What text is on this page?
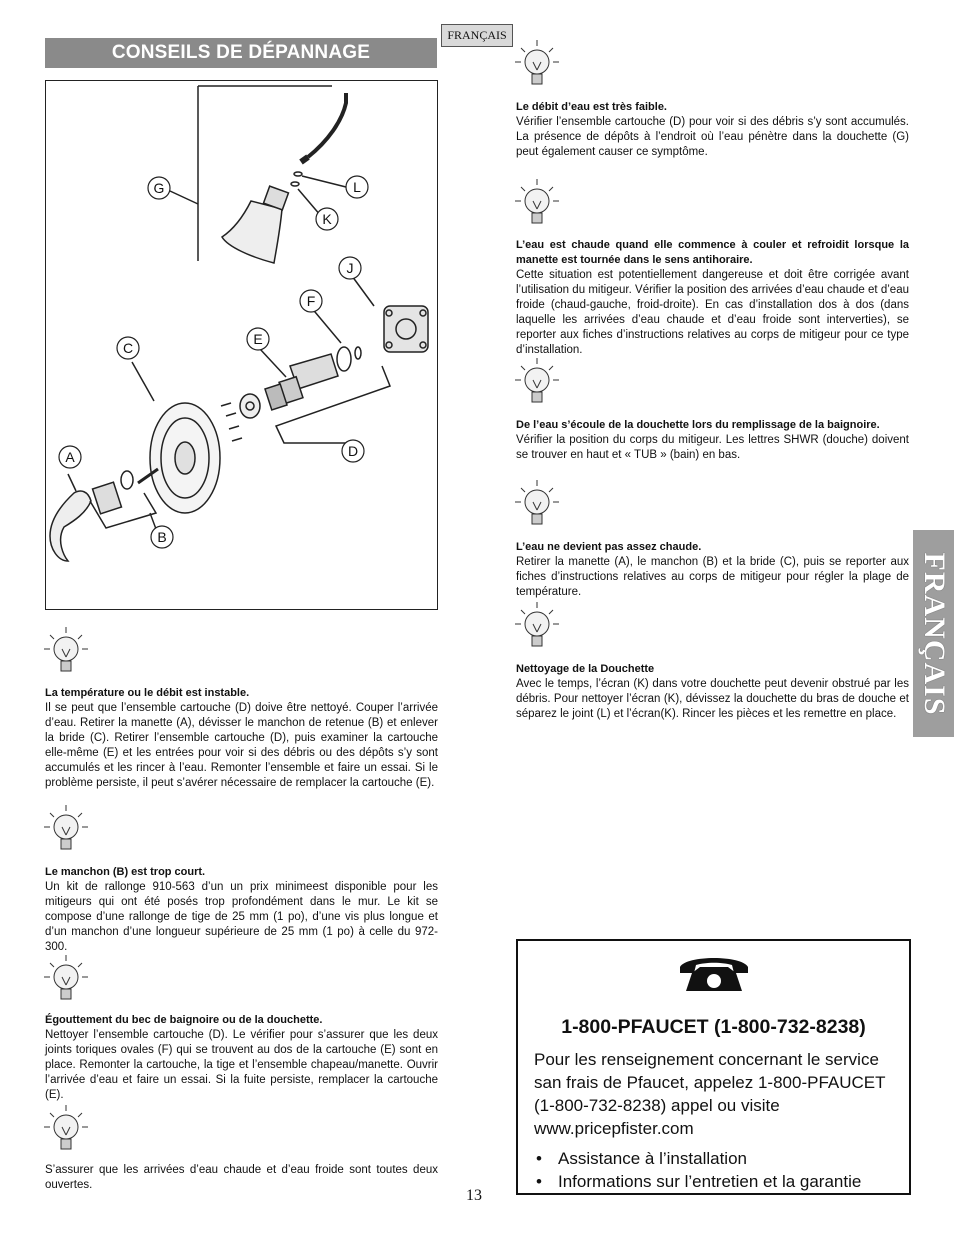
CONSEILS DE DÉPANNAGE
FRANÇAIS
FRANÇAIS
G	L
K
J
F
E
C
A	D
B
La température ou le débit est instable.
Il se peut que l’ensemble cartouche (D) doive être nettoyé. Couper l’arrivée d’eau. Retirer la manette (A), dévisser le manchon de retenue (B) et enlever la bride (C). Retirer l’ensemble cartouche (D), puis examiner la cartouche elle-même (E) et les entrées pour voir si des débris ou des dépôts s’y sont accumulés et les rincer à l’eau. Remonter l’ensemble et faire un essai. Si le problème persiste, il peut s’avérer nécessaire de remplacer la cartouche (E).
Le manchon (B) est trop court.
Un kit de rallonge 910-563 d’un un prix minimeest disponible pour les mitigeurs qui ont été posés trop profondément dans le mur. Le kit se compose d’une rallonge de tige de 25 mm (1 po), d’une vis plus longue et d’un manchon d’une longueur supérieure de 25 mm (1 po) à celle du 972-300.
Égouttement du bec de baignoire ou de la douchette.
Nettoyer l’ensemble cartouche (D). Le vérifier pour s’assurer que les deux joints toriques ovales (F) qui se trouvent au dos de la cartouche (E) sont en place. Remonter la cartouche, la tige et l’ensemble chapeau/manette. Ouvrir l’arrivée d’eau et faire un essai. Si la fuite persiste, remplacer la cartouche (E).
S’assurer que les arrivées d’eau chaude et d’eau froide sont toutes deux ouvertes.
Le débit d’eau est très faible.
Vérifier l’ensemble cartouche (D) pour voir si des débris s’y sont accumulés. La présence de dépôts à l’endroit où l’eau pénètre dans la douchette (G) peut également causer ce symptôme.
L’eau est chaude quand elle commence à couler et refroidit lorsque la manette est tournée dans le sens antihoraire.
Cette situation est potentiellement dangereuse et doit être corrigée avant l’utilisation du mitigeur. Vérifier la position des arrivées d’eau chaude et d’eau froide (chaud-gauche, froid-droite). En cas d’installation dos à dos (dans laquelle les arrivées d’eau chaude et d’eau froide sont interverties), se reporter aux fiches d’instructions relatives au corps de mitigeur pour ce type d’installation.
De l’eau s’écoule de la douchette lors du remplissage de la baignoire.
Vérifier la position du corps du mitigeur. Les lettres SHWR (douche) doivent se trouver en haut et « TUB » (bain) en bas.
L’eau ne devient pas assez chaude.
Retirer la manette (A), le manchon (B) et la bride (C), puis se reporter aux fiches d’instructions relatives au corps de mitigeur pour régler la plage de température.
Nettoyage de la Douchette
Avec le temps, l’écran (K) dans votre douchette peut devenir obstrué par les débris. Pour nettoyer l’écran (K), dévissez la douchette du bras de douche et séparez le joint (L) et l’écran(K). Rincer les pièces et les remettre en place.
1-800-PFAUCET (1-800-732-8238)
Pour les renseignement concernant le service san frais de Pfaucet, appelez 1-800-PFAUCET (1-800-732-8238) appel ou visite www.pricepfister.com
• Assistance à l’installation
• Informations sur l’entretien et la garantie
13
